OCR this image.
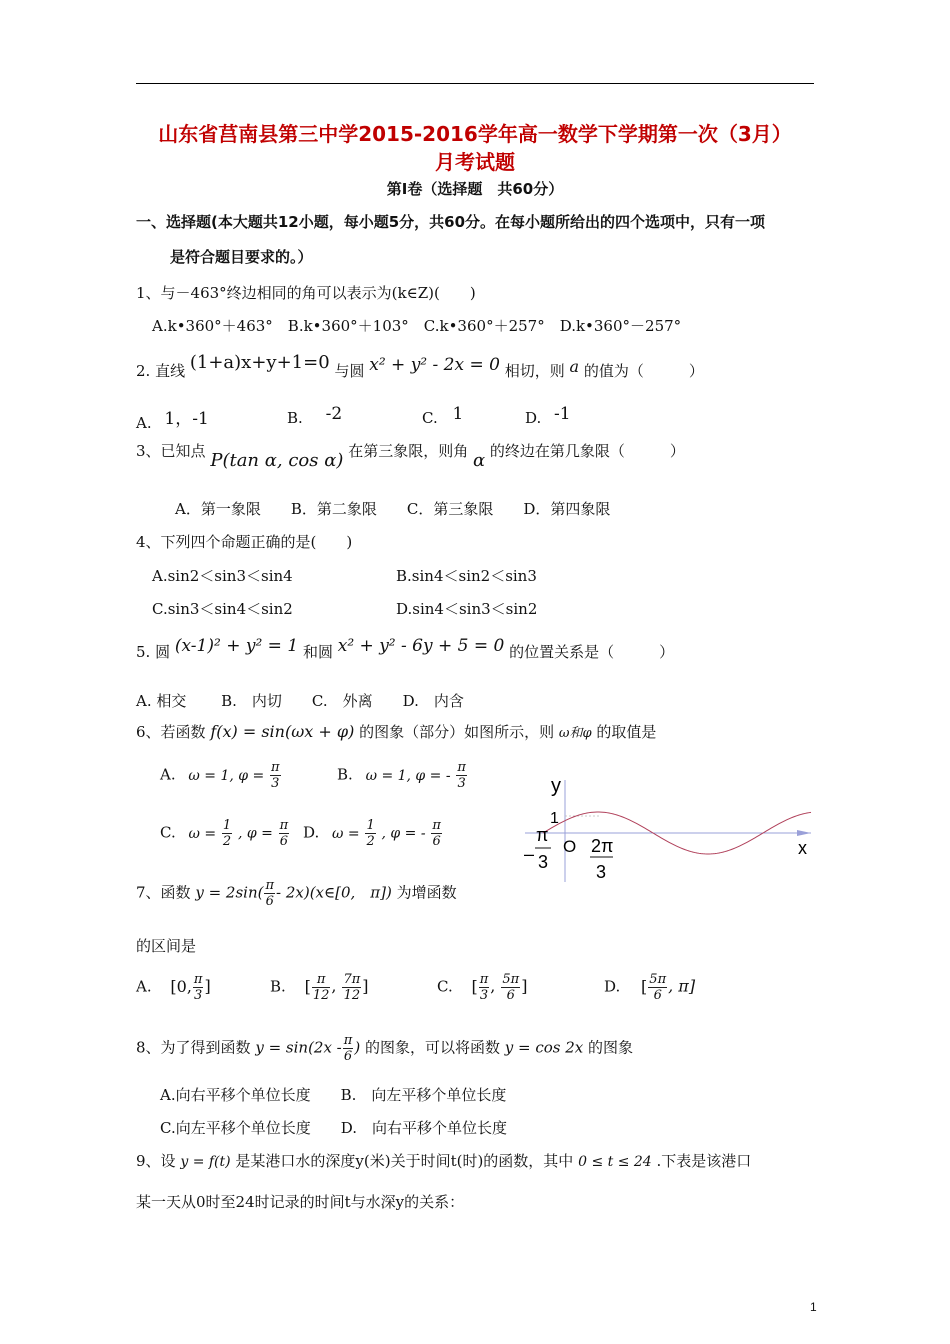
山东省莒南县第三中学2015-2016学年高一数学下学期第一次（3月）
月考试题
第I卷（选择题　共60分）
一、选择题(本大题共12小题，每小题5分，共60分。在每小题所给出的四个选项中，只有一项
是符合题目要求的。）
1、与－463°终边相同的角可以表示为(k∈Z)(　　)
A.k•360°＋463°　B.k•360°＋103°　C.k•360°＋257°　D.k•360°－257°
2. 直线 (1+a)x+y+1=0 与圆 x² + y² - 2x = 0 相切，则 a 的值为（　　　）
A. 1，-1	B. -2	C. 1	D. -1
3、已知点 P(tan α, cos α) 在第三象限，则角 α 的终边在第几象限（　　　）
A．第一象限　　B．第二象限　　C．第三象限　　D．第四象限
4、下列四个命题正确的是(　　)
A.sin2＜sin3＜sin4	B.sin4＜sin2＜sin3
C.sin3＜sin4＜sin2	D.sin4＜sin3＜sin2
5. 圆 (x-1)² + y² = 1 和圆 x² + y² - 6y + 5 = 0 的位置关系是（　　　）
A. 相交　　 B.　内切　　C.　外离　　D.　内含
6、若函数 f(x) = sin(ωx + φ) 的图象（部分）如图所示，则 ω和φ 的取值是
A. ω = 1, $\varphi = \frac{\pi}{3}$	B. ω = 1, φ = - $\frac{\pi}{3}$
C. $\omega = \frac{1}{2}$ , $\varphi = \frac{\pi}{6} D$. $\omega = \frac{1}{2}$ , φ = - $\frac{\pi}{6}$
y
1
O	x
–
π
3
2π
3
7、函数 $y = 2\sin( \frac{\pi}{6}$ - 2x)(x∈[0,　π]) 为增函数
的区间是
A. [0, $\frac{\pi}{3}$ ]	B. [ $\frac{\pi}{12}$ , $\frac{7\pi}{12}$ ]	C. [ $\frac{\pi}{3}$ , $\frac{5\pi}{6}$ ]	D. [ $\frac{5\pi}{6}$ , π]
8、为了得到函数 $y = \sin(2x - \frac{\pi}{6}$ ) 的图象，可以将函数 y = cos 2x 的图象
A.向右平移个单位长度　　B.　向左平移个单位长度
C.向左平移个单位长度　　D.　向右平移个单位长度
9、设 y = f(t) 是某港口水的深度y(米)关于时间t(时)的函数，其中 0 ≤ t ≤ 24 .下表是该港口
某一天从0时至24时记录的时间t与水深y的关系：
1
